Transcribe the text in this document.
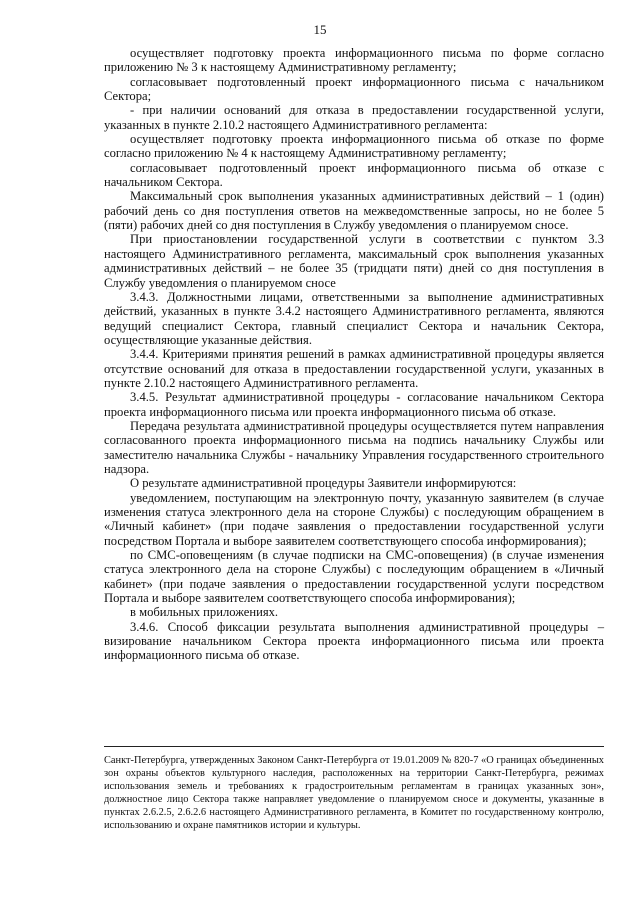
15

осуществляет подготовку проекта информационного письма по форме согласно приложению № 3 к настоящему Административному регламенту;

согласовывает подготовленный проект информационного письма с начальником Сектора;

- при наличии оснований для отказа в предоставлении государственной услуги, указанных в пункте 2.10.2 настоящего Административного регламента:

осуществляет подготовку проекта информационного письма об отказе по форме согласно приложению № 4 к настоящему Административному регламенту;

согласовывает подготовленный проект информационного письма об отказе с начальником Сектора.

Максимальный срок выполнения указанных административных действий – 1 (один) рабочий день со дня поступления ответов на межведомственные запросы, но не более 5 (пяти) рабочих дней со дня поступления в Службу уведомления о планируемом сносе.

При приостановлении государственной услуги в соответствии с пунктом 3.3 настоящего Административного регламента, максимальный срок выполнения указанных административных действий – не более 35 (тридцати пяти) дней со дня поступления в Службу уведомления о планируемом сносе

3.4.3. Должностными лицами, ответственными за выполнение административных действий, указанных в пункте 3.4.2 настоящего Административного регламента, являются ведущий специалист Сектора, главный специалист Сектора и начальник Сектора, осуществляющие указанные действия.

3.4.4. Критериями принятия решений в рамках административной процедуры является отсутствие оснований для отказа в предоставлении государственной услуги, указанных в пункте 2.10.2 настоящего Административного регламента.

3.4.5. Результат административной процедуры - согласование начальником Сектора проекта информационного письма или проекта информационного письма об отказе.

Передача результата административной процедуры осуществляется путем направления согласованного проекта информационного письма на подпись начальнику Службы или заместителю начальника Службы - начальнику Управления государственного строительного надзора.

О результате административной процедуры Заявители информируются:

уведомлением, поступающим на электронную почту, указанную заявителем (в случае изменения статуса электронного дела на стороне Службы) с последующим обращением в «Личный кабинет» (при подаче заявления о предоставлении государственной услуги посредством Портала и выборе заявителем соответствующего способа информирования);

по СМС-оповещениям (в случае подписки на СМС-оповещения) (в случае изменения статуса электронного дела на стороне Службы) с последующим обращением в «Личный кабинет» (при подаче заявления о предоставлении государственной услуги посредством Портала и выборе заявителем соответствующего способа информирования);

в мобильных приложениях.

3.4.6. Способ фиксации результата выполнения административной процедуры – визирование начальником Сектора проекта информационного письма или проекта информационного письма об отказе.

Санкт-Петербурга, утвержденных Законом Санкт-Петербурга от 19.01.2009 № 820-7 «О границах объединенных зон охраны объектов культурного наследия, расположенных на территории Санкт-Петербурга, режимах использования земель и требованиях к градостроительным регламентам в границах указанных зон», должностное лицо Сектора также направляет уведомление о планируемом сносе и документы, указанные в пунктах 2.6.2.5, 2.6.2.6 настоящего Административного регламента, в Комитет по государственному контролю, использованию и охране памятников истории и культуры.
